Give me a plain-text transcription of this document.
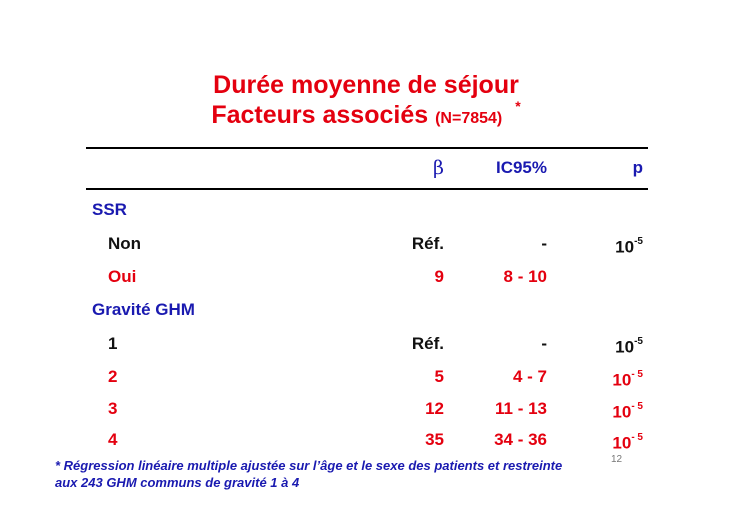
Durée moyenne de séjour
Facteurs associés (N=7854) *
β	IC95%	p
SSR
Non	Réf.	-	$10^{-5}$
Oui	9	8 - 10
Gravité GHM
1	Réf.	-	$10^{-5}$
2	5	4 - 7	$10^{- 5}$
3	12	11 - 13	$10^{- 5}$
4	35	34 - 36	$10^{- 5}$
12
* Régression linéaire multiple ajustée sur l’âge et le sexe des patients et restreinte
aux 243 GHM communs de gravité 1 à 4
